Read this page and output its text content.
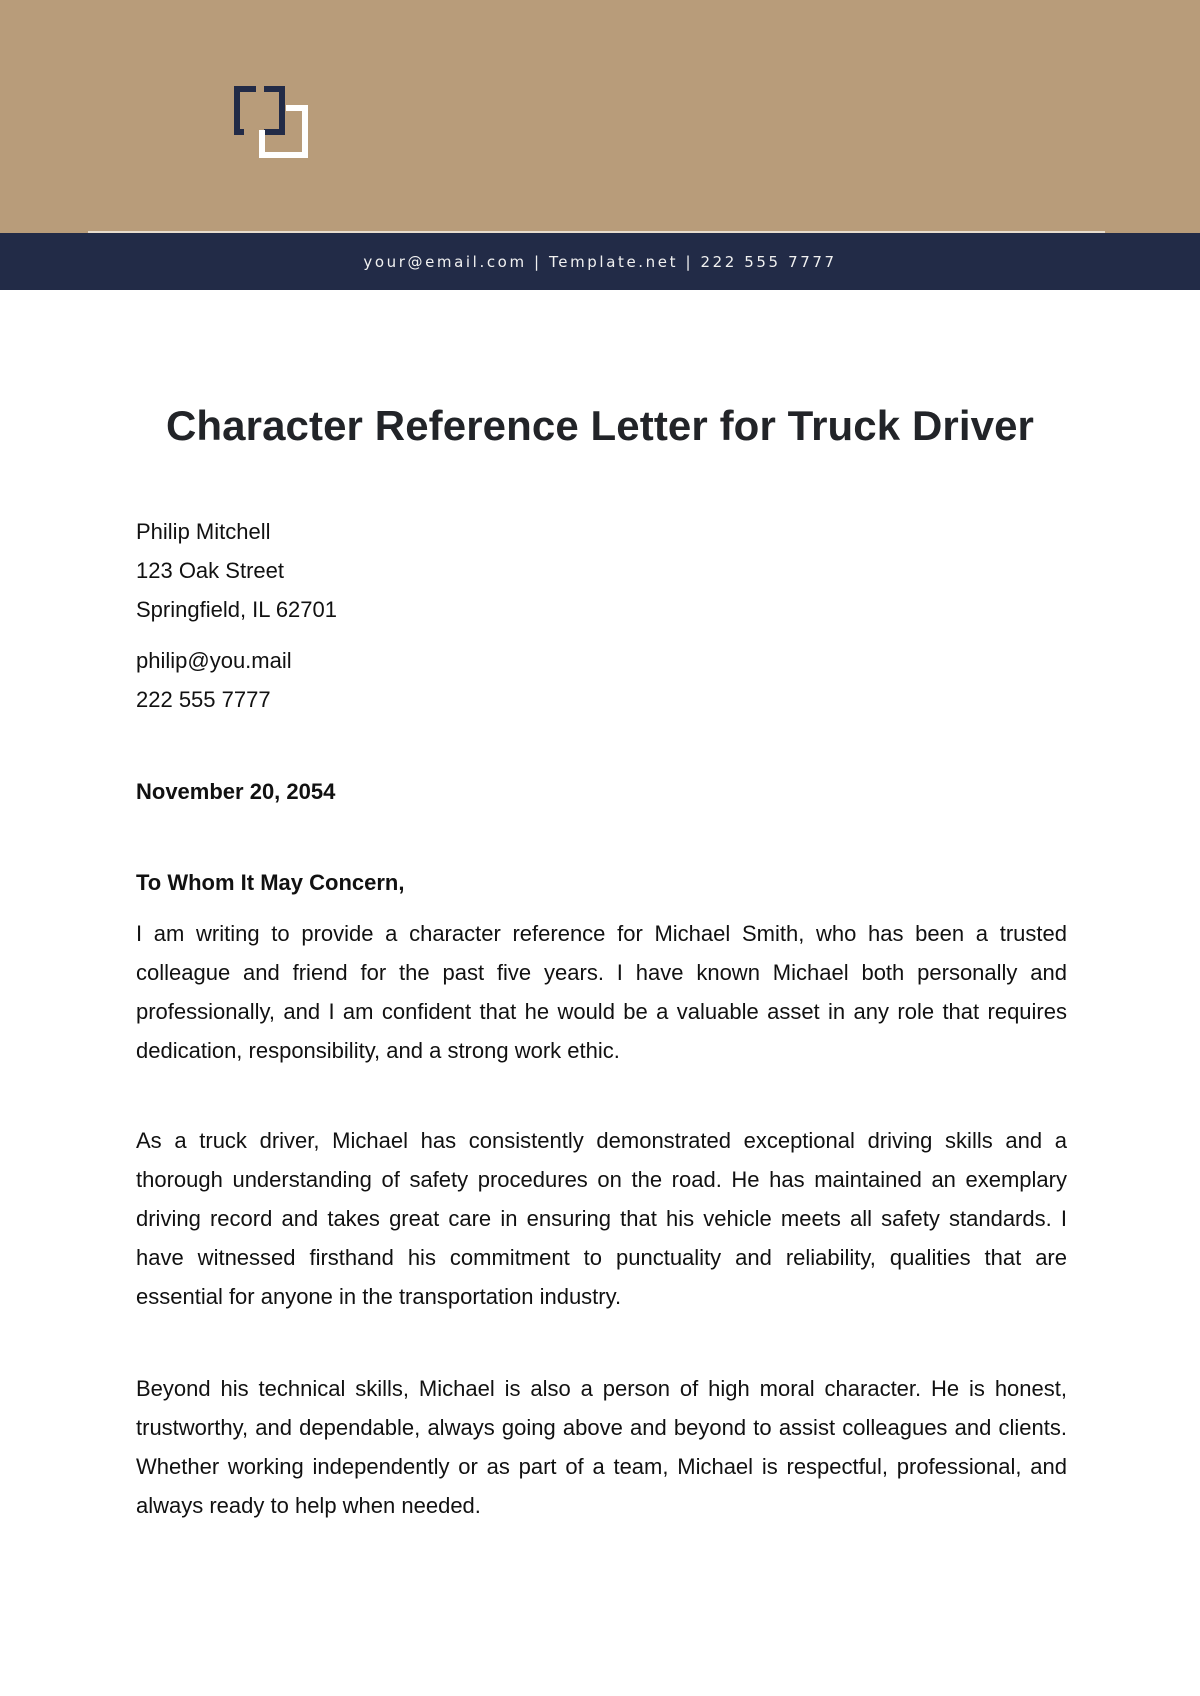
your@email.com | Template.net | 222 555 7777
Character Reference Letter for Truck Driver
Philip Mitchell
123 Oak Street
Springfield, IL 62701
philip@you.mail
222 555 7777
November 20, 2054
To Whom It May Concern,

I am writing to provide a character reference for Michael Smith, who has been a trusted colleague and friend for the past five years. I have known Michael both personally and professionally, and I am confident that he would be a valuable asset in any role that requires dedication, responsibility, and a strong work ethic.

As a truck driver, Michael has consistently demonstrated exceptional driving skills and a thorough understanding of safety procedures on the road. He has maintained an exemplary driving record and takes great care in ensuring that his vehicle meets all safety standards. I have witnessed firsthand his commitment to punctuality and reliability, qualities that are essential for anyone in the transportation industry.

Beyond his technical skills, Michael is also a person of high moral character. He is honest, trustworthy, and dependable, always going above and beyond to assist colleagues and clients. Whether working independently or as part of a team, Michael is respectful, professional, and always ready to help when needed.
